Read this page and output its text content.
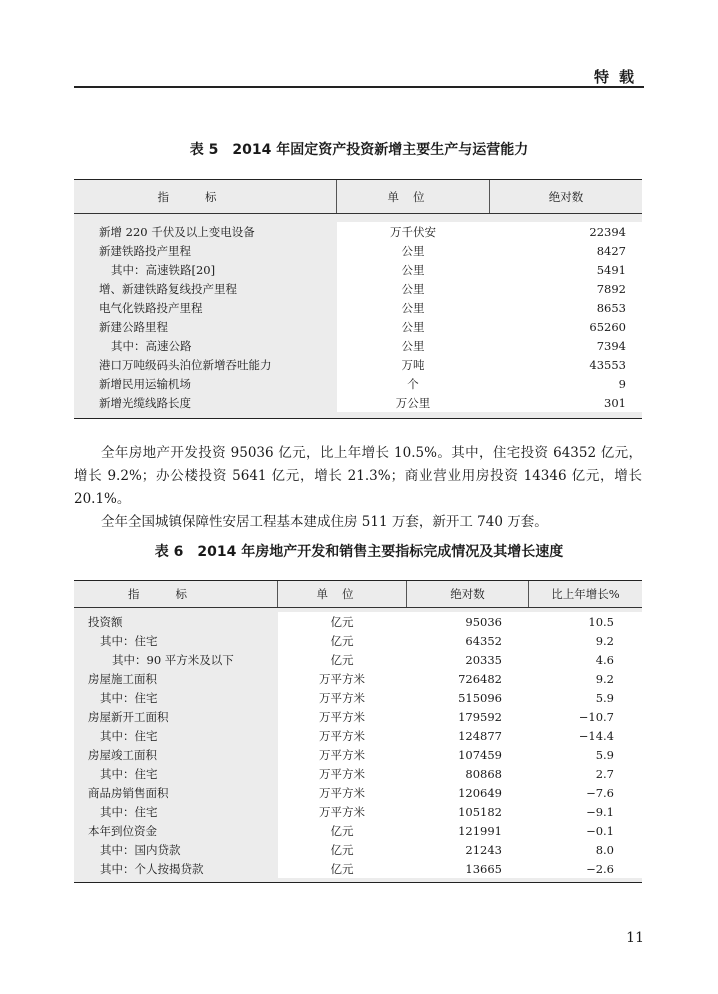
特载
表 5 2014 年固定资产投资新增主要生产与运营能力
指标	单位	绝对数
新增 220 千伏及以上变电设备	万千伏安	22394
新建铁路投产里程	公里	8427
其中：高速铁路[20]	公里	5491
增、新建铁路复线投产里程	公里	7892
电气化铁路投产里程	公里	8653
新建公路里程	公里	65260
其中：高速公路	公里	7394
港口万吨级码头泊位新增吞吐能力	万吨	43553
新增民用运输机场	个	9
新增光缆线路长度	万公里	301

全年房地产开发投资 95036 亿元，比上年增长 10.5%。其中，住宅投资 64352 亿元，增长 9.2%；办公楼投资 5641 亿元，增长 21.3%；商业营业用房投资 14346 亿元，增长 20.1%。

全年全国城镇保障性安居工程基本建成住房 511 万套，新开工 740 万套。

表 6 2014 年房地产开发和销售主要指标完成情况及其增长速度
指标	单位	绝对数	比上年增长%
投资额	亿元	95036	10.5
其中：住宅	亿元	64352	9.2
其中：90 平方米及以下	亿元	20335	4.6
房屋施工面积	万平方米	726482	9.2
其中：住宅	万平方米	515096	5.9
房屋新开工面积	万平方米	179592	−10.7
其中：住宅	万平方米	124877	−14.4
房屋竣工面积	万平方米	107459	5.9
其中：住宅	万平方米	80868	2.7
商品房销售面积	万平方米	120649	−7.6
其中：住宅	万平方米	105182	−9.1
本年到位资金	亿元	121991	−0.1
其中：国内贷款	亿元	21243	8.0
其中：个人按揭贷款	亿元	13665	−2.6
11
